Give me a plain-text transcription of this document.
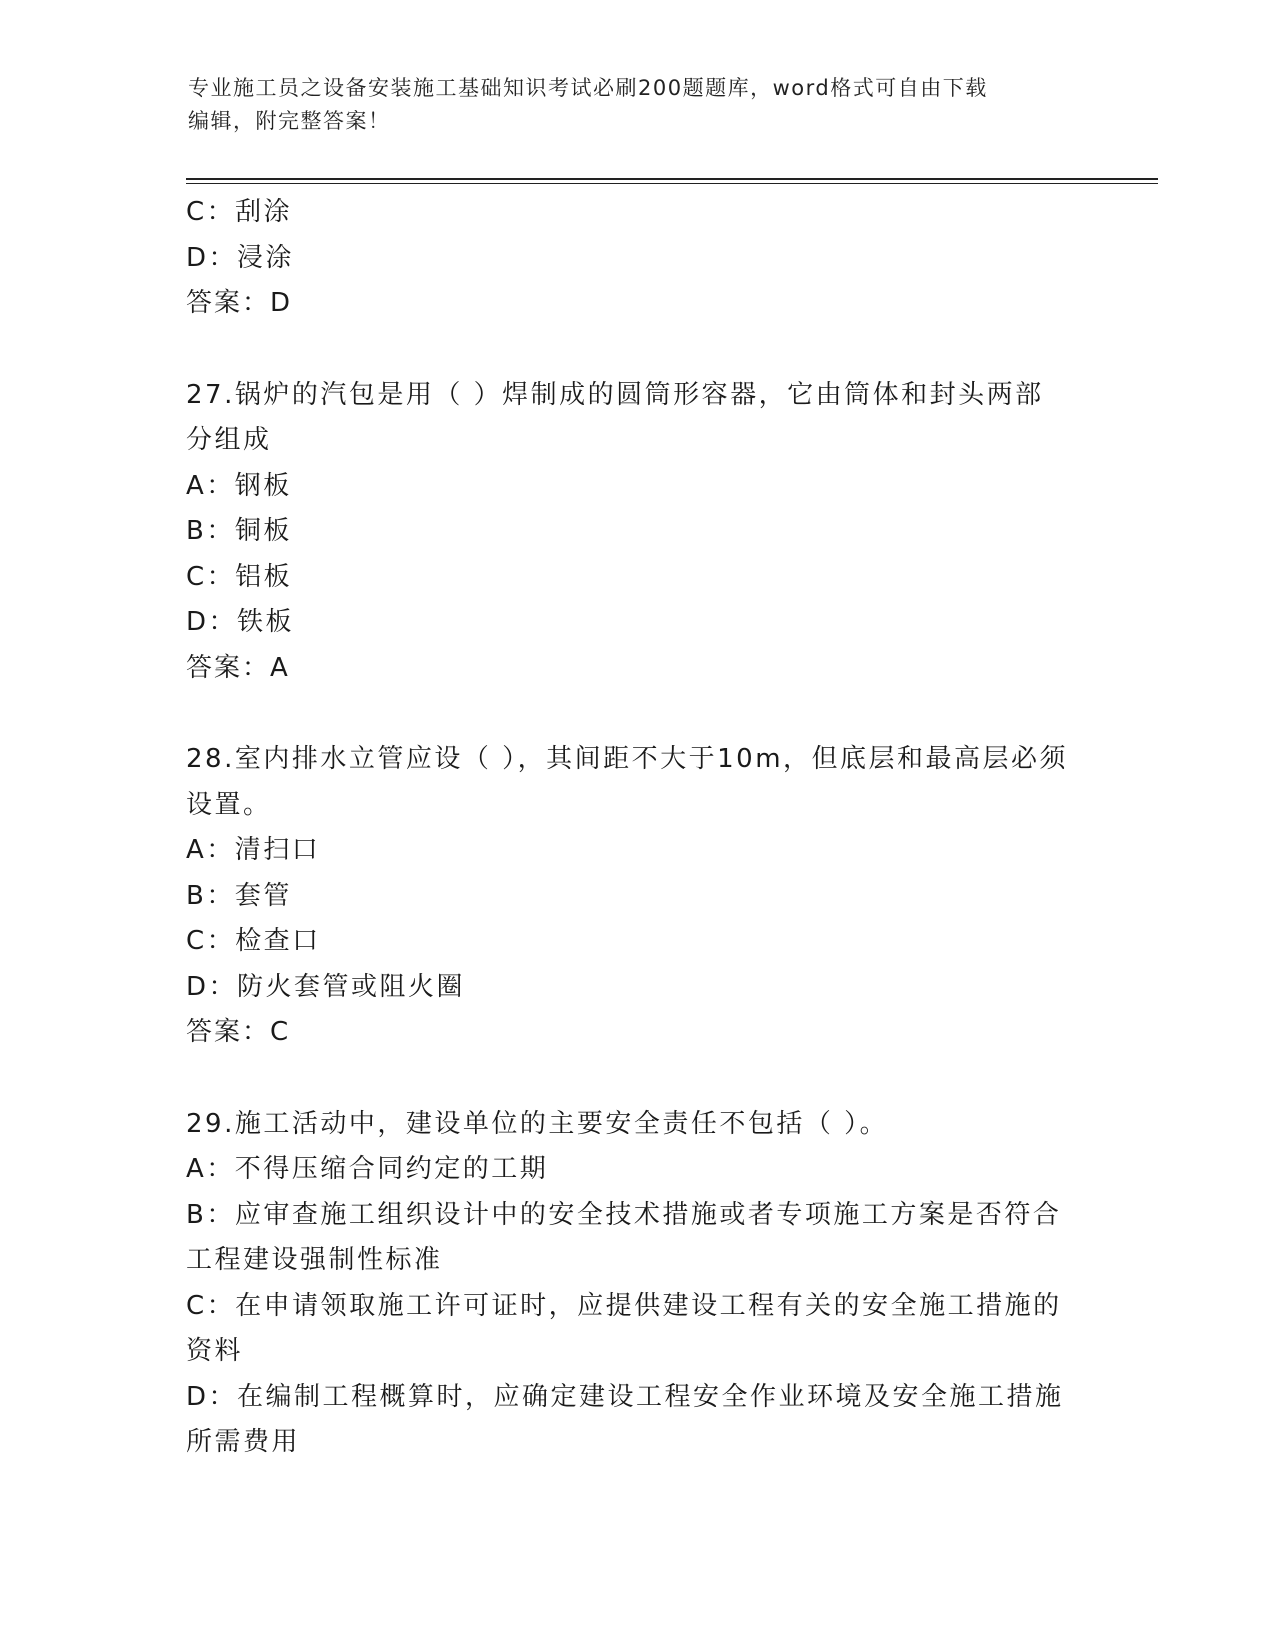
专业施工员之设备安装施工基础知识考试必刷200题题库，word格式可自由下载
编辑，附完整答案！
C：刮涂
D：浸涂
答案：D
27.锅炉的汽包是用（ ）焊制成的圆筒形容器，它由筒体和封头两部
分组成
A：钢板
B：铜板
C：铝板
D：铁板
答案：A
28.室内排水立管应设（ ），其间距不大于10m，但底层和最高层必须
设置。
A：清扫口
B：套管
C：检查口
D：防火套管或阻火圈
答案：C
29.施工活动中，建设单位的主要安全责任不包括（ ）。
A：不得压缩合同约定的工期
B：应审查施工组织设计中的安全技术措施或者专项施工方案是否符合
工程建设强制性标准
C：在申请领取施工许可证时，应提供建设工程有关的安全施工措施的
资料
D：在编制工程概算时，应确定建设工程安全作业环境及安全施工措施
所需费用
